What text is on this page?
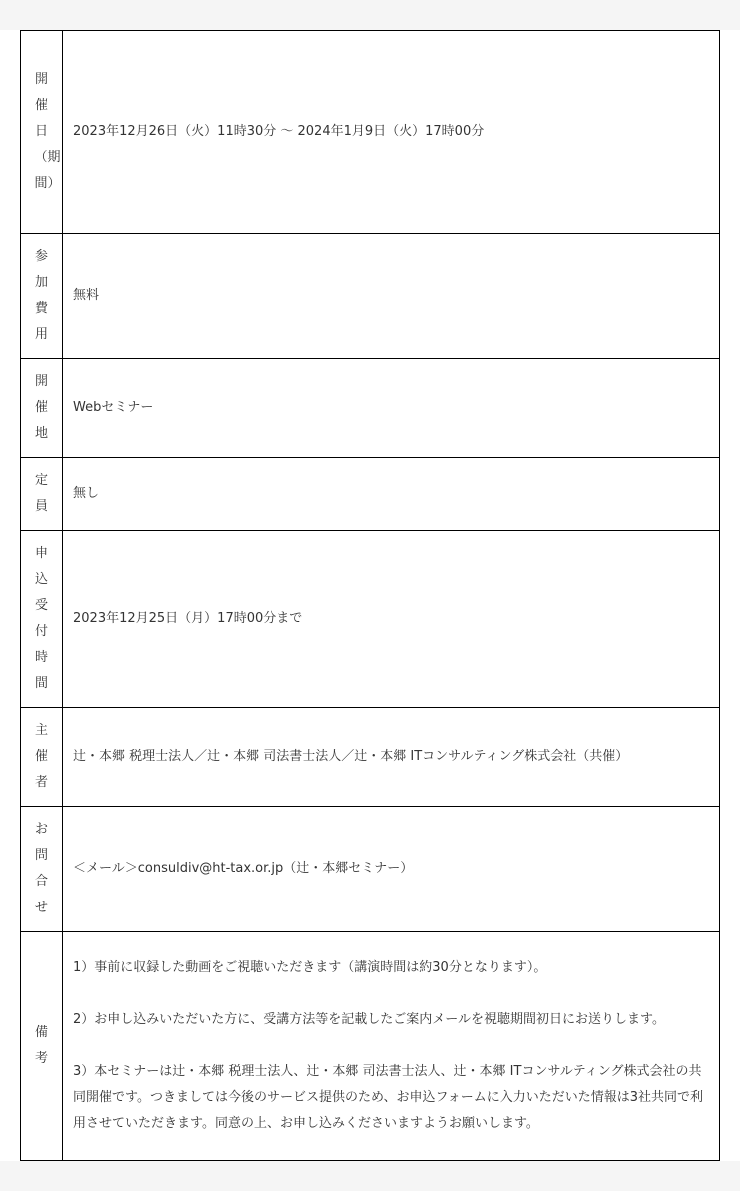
開催日（期間）	2023年12月26日（火）11時30分 〜 2024年1月9日（火）17時00分

参加費用	無料

開催地	Webセミナー

定員	無し

申込受付時間	2023年12月25日（月）17時00分まで

主催者	辻・本郷 税理士法人／辻・本郷 司法書士法人／辻・本郷 ITコンサルティング株式会社（共催）

お問合せ	＜メール＞consuldiv@ht-tax.or.jp（辻・本郷セミナー）

備考	1）事前に収録した動画をご視聴いただきます（講演時間は約30分となります）。
2）お申し込みいただいた方に、受講方法等を記載したご案内メールを視聴期間初日にお送りします。
3）本セミナーは辻・本郷 税理士法人、辻・本郷 司法書士法人、辻・本郷 ITコンサルティング株式会社の共同開催です。つきましては今後のサービス提供のため、お申込フォームに入力いただいた情報は3社共同で利用させていただきます。同意の上、お申し込みくださいますようお願いします。
